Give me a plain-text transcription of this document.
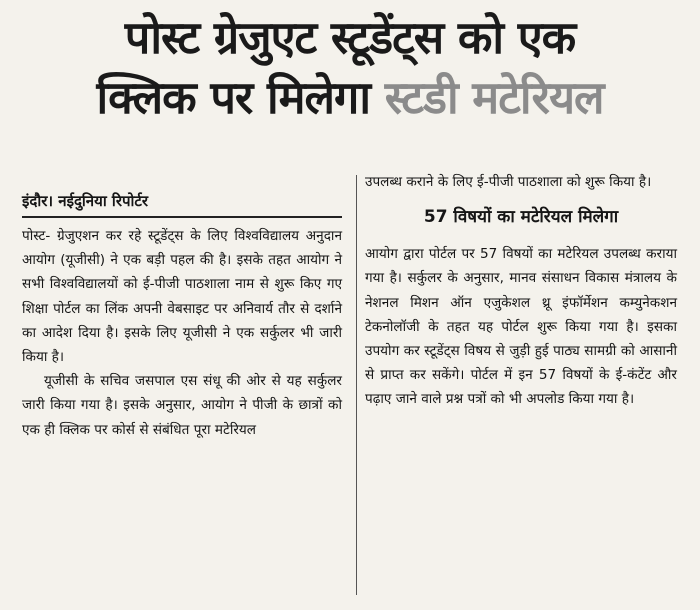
पोस्ट ग्रेजुएट स्टूडेंट्स को एक
क्लिक पर मिलेगा स्टडी मटेरियल
इंदौर। नईदुनिया रिपोर्टर

पोस्ट- ग्रेजुएशन कर रहे स्टूडेंट्स के लिए विश्वविद्यालय अनुदान आयोग (यूजीसी) ने एक बड़ी पहल की है। इसके तहत आयोग ने सभी विश्वविद्यालयों को ई-पीजी पाठशाला नाम से शुरू किए गए शिक्षा पोर्टल का लिंक अपनी वेबसाइट पर अनिवार्य तौर से दर्शाने का आदेश दिया है। इसके लिए यूजीसी ने एक सर्कुलर भी जारी किया है।

यूजीसी के सचिव जसपाल एस संधू की ओर से यह सर्कुलर जारी किया गया है। इसके अनुसार, आयोग ने पीजी के छात्रों को एक ही क्लिक पर कोर्स से संबंधित पूरा मटेरियल

उपलब्ध कराने के लिए ई-पीजी पाठशाला को शुरू किया है।

57 विषयों का मटेरियल मिलेगा

आयोग द्वारा पोर्टल पर 57 विषयों का मटेरियल उपलब्ध कराया गया है। सर्कुलर के अनुसार, मानव संसाधन विकास मंत्रालय के नेशनल मिशन ऑन एजुकेशल थ्रू इंफॉर्मेशन कम्युनेकशन टेकनोलॉजी के तहत यह पोर्टल शुरू किया गया है। इसका उपयोग कर स्टूडेंट्स विषय से जुड़ी हुई पाठ्य सामग्री को आसानी से प्राप्त कर सकेंगे। पोर्टल में इन 57 विषयों के ई-कंटेंट और पढ़ाए जाने वाले प्रश्न पत्रों को भी अपलोड किया गया है।
